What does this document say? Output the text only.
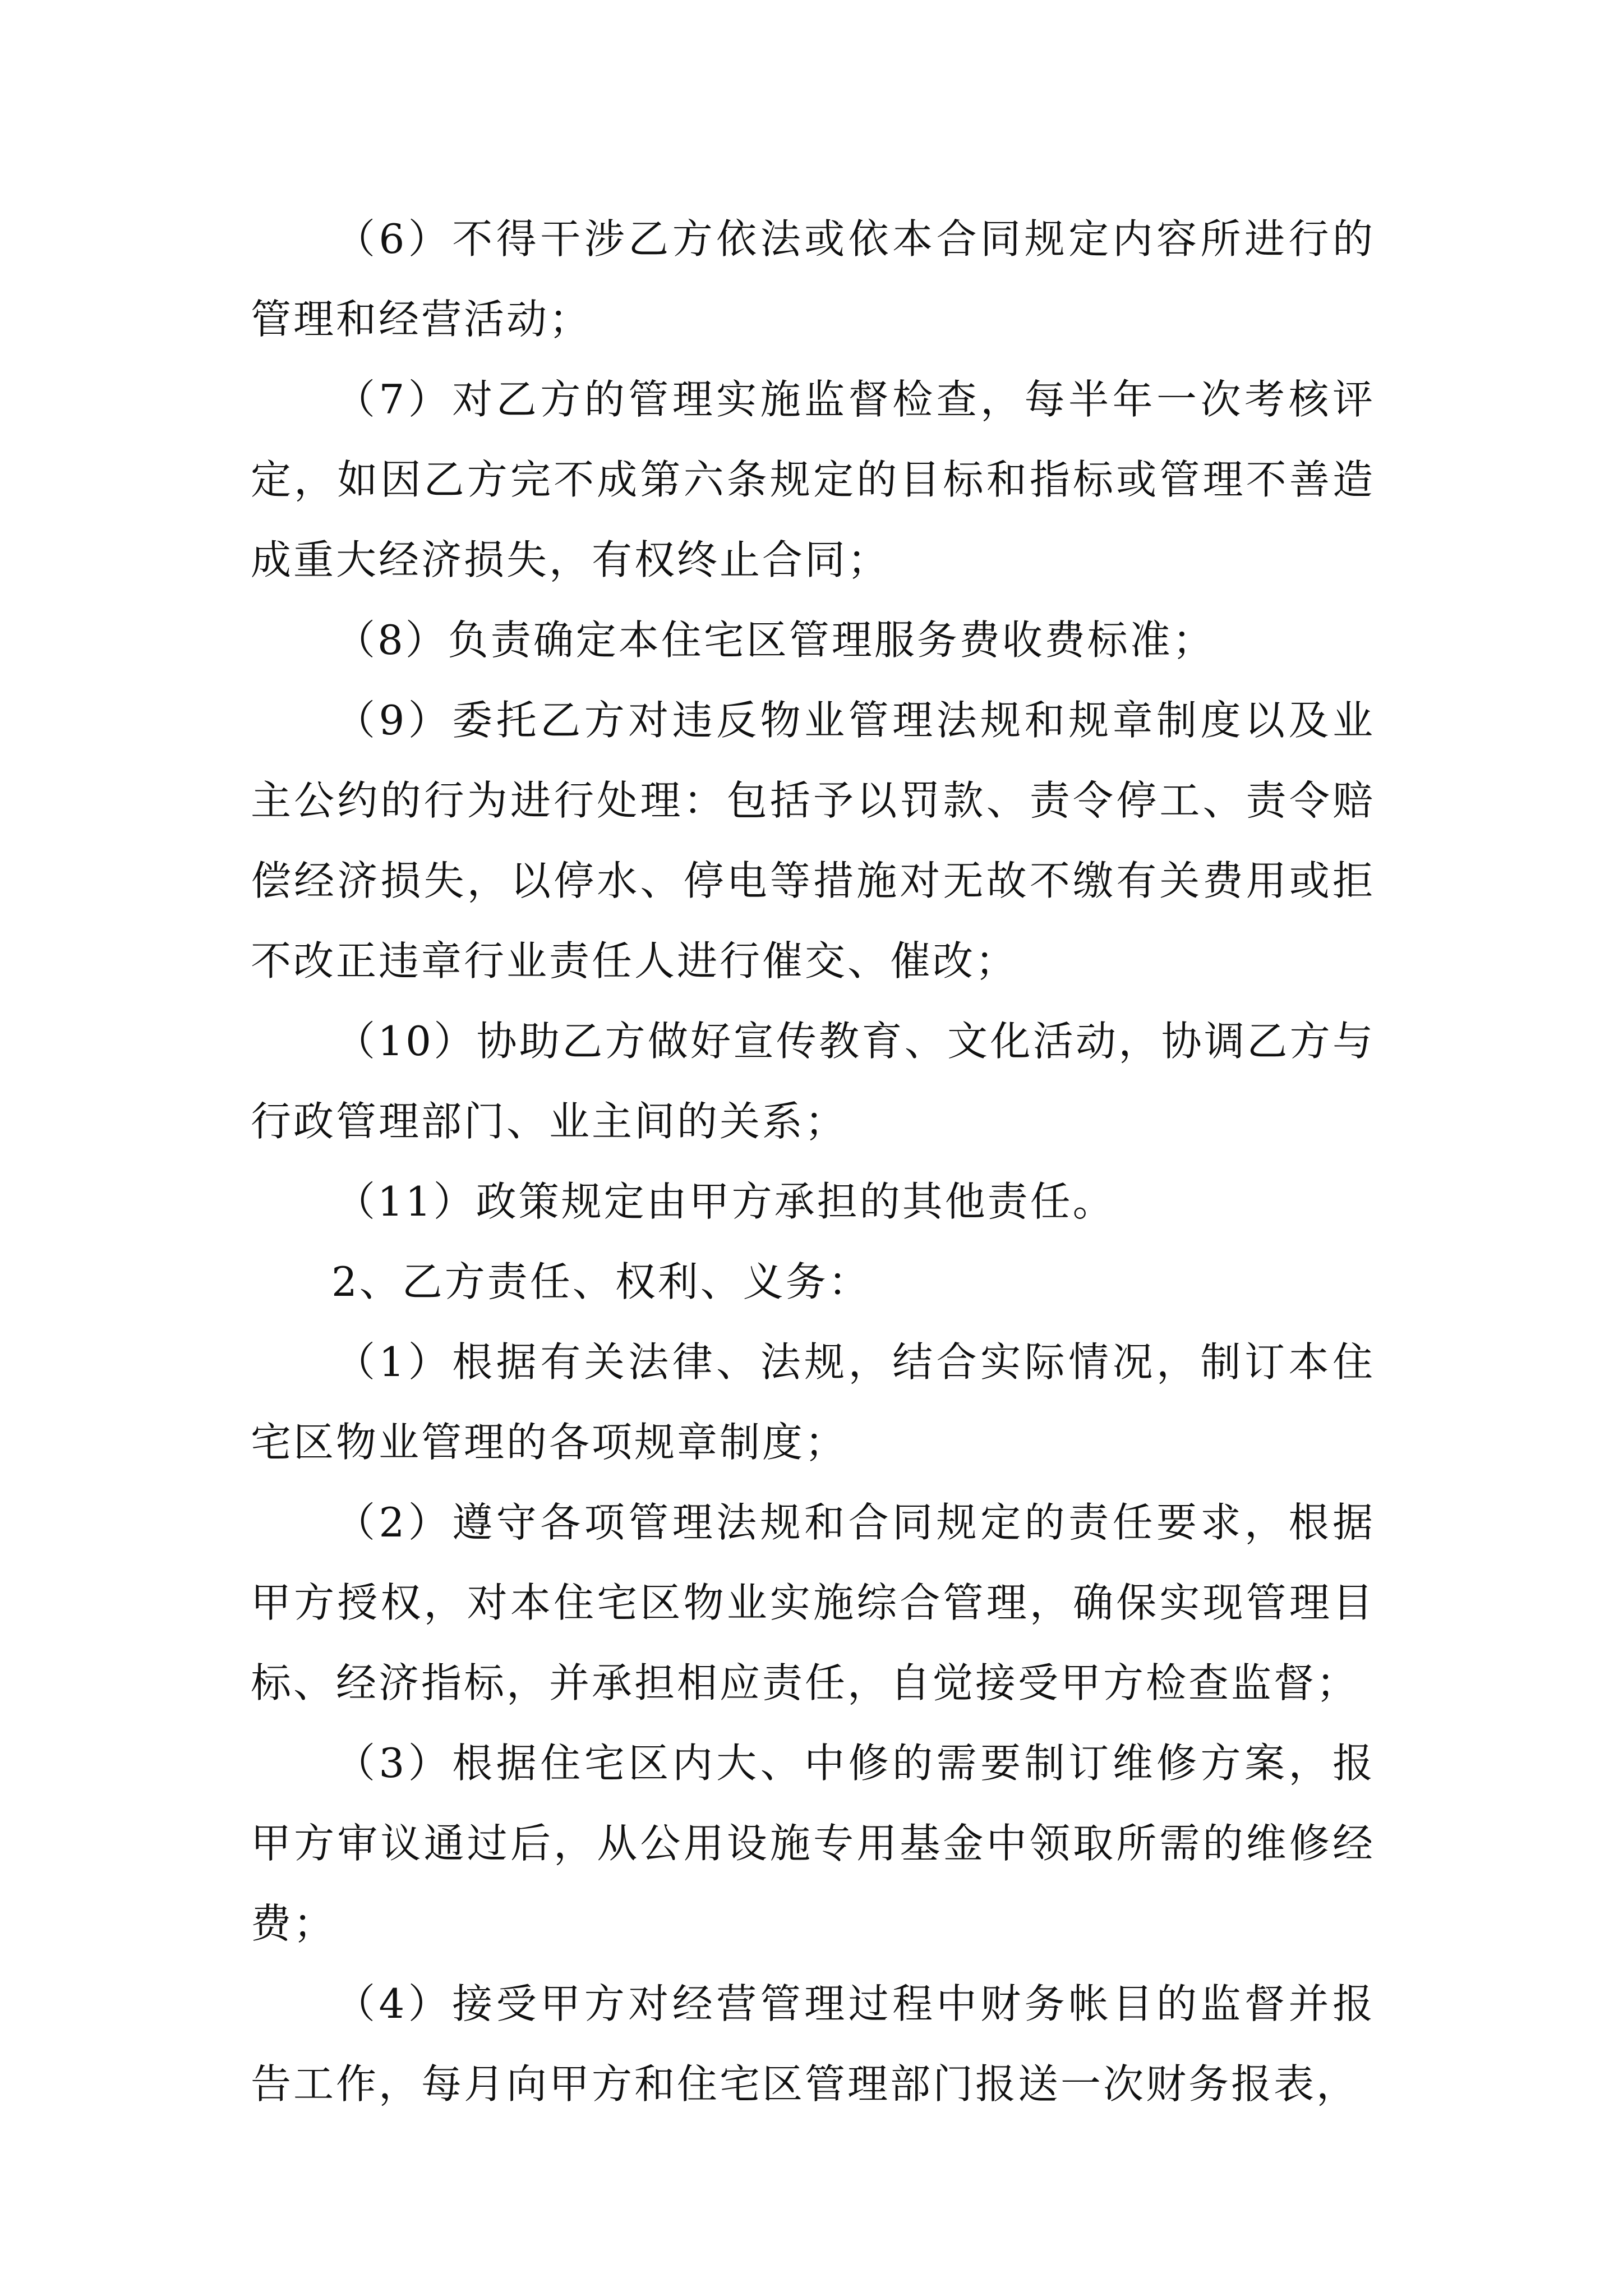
（6）不得干涉乙方依法或依本合同规定内容所进行的管理和经营活动；

（7）对乙方的管理实施监督检查，每半年一次考核评定，如因乙方完不成第六条规定的目标和指标或管理不善造成重大经济损失，有权终止合同；

（8）负责确定本住宅区管理服务费收费标准；

（9）委托乙方对违反物业管理法规和规章制度以及业主公约的行为进行处理：包括予以罚款、责令停工、责令赔偿经济损失，以停水、停电等措施对无故不缴有关费用或拒不改正违章行业责任人进行催交、催改；

（10）协助乙方做好宣传教育、文化活动，协调乙方与行政管理部门、业主间的关系；

（11）政策规定由甲方承担的其他责任。

2、乙方责任、权利、义务：

（1）根据有关法律、法规，结合实际情况，制订本住宅区物业管理的各项规章制度；

（2）遵守各项管理法规和合同规定的责任要求，根据甲方授权，对本住宅区物业实施综合管理，确保实现管理目标、经济指标，并承担相应责任，自觉接受甲方检查监督；

（3）根据住宅区内大、中修的需要制订维修方案，报甲方审议通过后，从公用设施专用基金中领取所需的维修经费；

（4）接受甲方对经营管理过程中财务帐目的监督并报告工作，每月向甲方和住宅区管理部门报送一次财务报表，
